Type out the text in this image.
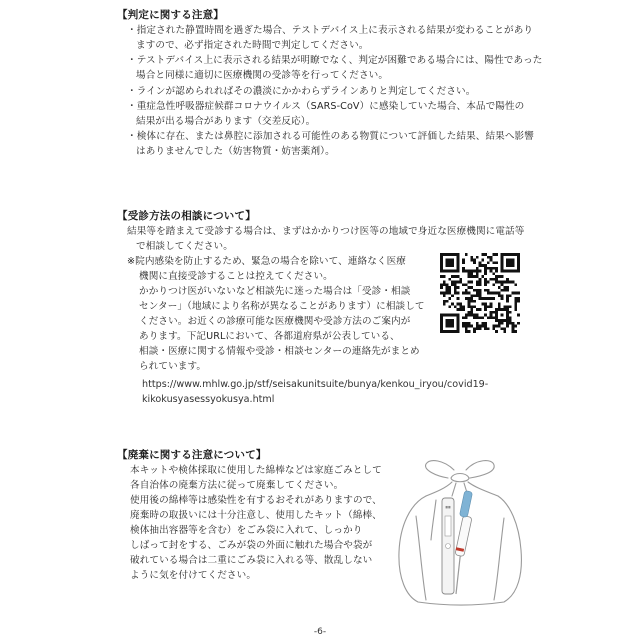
【判定に関する注意】
・指定された静置時間を過ぎた場合、テストデバイス上に表示される結果が変わることがあり
ますので、必ず指定された時間で判定してください。
・テストデバイス上に表示される結果が明瞭でなく、判定が困難である場合には、陽性であった
場合と同様に適切に医療機関の受診等を行ってください。
・ラインが認められればその濃淡にかかわらずラインありと判定してください。
・重症急性呼吸器症候群コロナウイルス（SARS-CoV）に感染していた場合、本品で陽性の
結果が出る場合があります（交差反応）。
・検体に存在、または鼻腔に添加される可能性のある物質について評価した結果、結果へ影響
はありませんでした（妨害物質・妨害薬剤）。
【受診方法の相談について】
結果等を踏まえて受診する場合は、まずはかかりつけ医等の地域で身近な医療機関に電話等
で相談してください。
※院内感染を防止するため、緊急の場合を除いて、連絡なく医療
機関に直接受診することは控えてください。
かかりつけ医がいないなど相談先に迷った場合は「受診・相談
センター」（地域により名称が異なることがあります）に相談して
ください。お近くの診療可能な医療機関や受診方法のご案内が
あります。下記URLにおいて、各都道府県が公表している、
相談・医療に関する情報や受診・相談センターの連絡先がまとめ
られています。
https://www.mhlw.go.jp/stf/seisakunitsuite/bunya/kenkou_iryou/covid19-
kikokusyasessyokusya.html
【廃棄に関する注意について】
本キットや検体採取に使用した綿棒などは家庭ごみとして
各自治体の廃棄方法に従って廃棄してください。
使用後の綿棒等は感染性を有するおそれがありますので、
廃棄時の取扱いには十分注意し、使用したキット（綿棒、
検体抽出容器等を含む）をごみ袋に入れて、しっかり
しばって封をする、ごみが袋の外面に触れた場合や袋が
破れている場合は二重にごみ袋に入れる等、散乱しない
ように気を付けてください。
▮▮▮
-6-
